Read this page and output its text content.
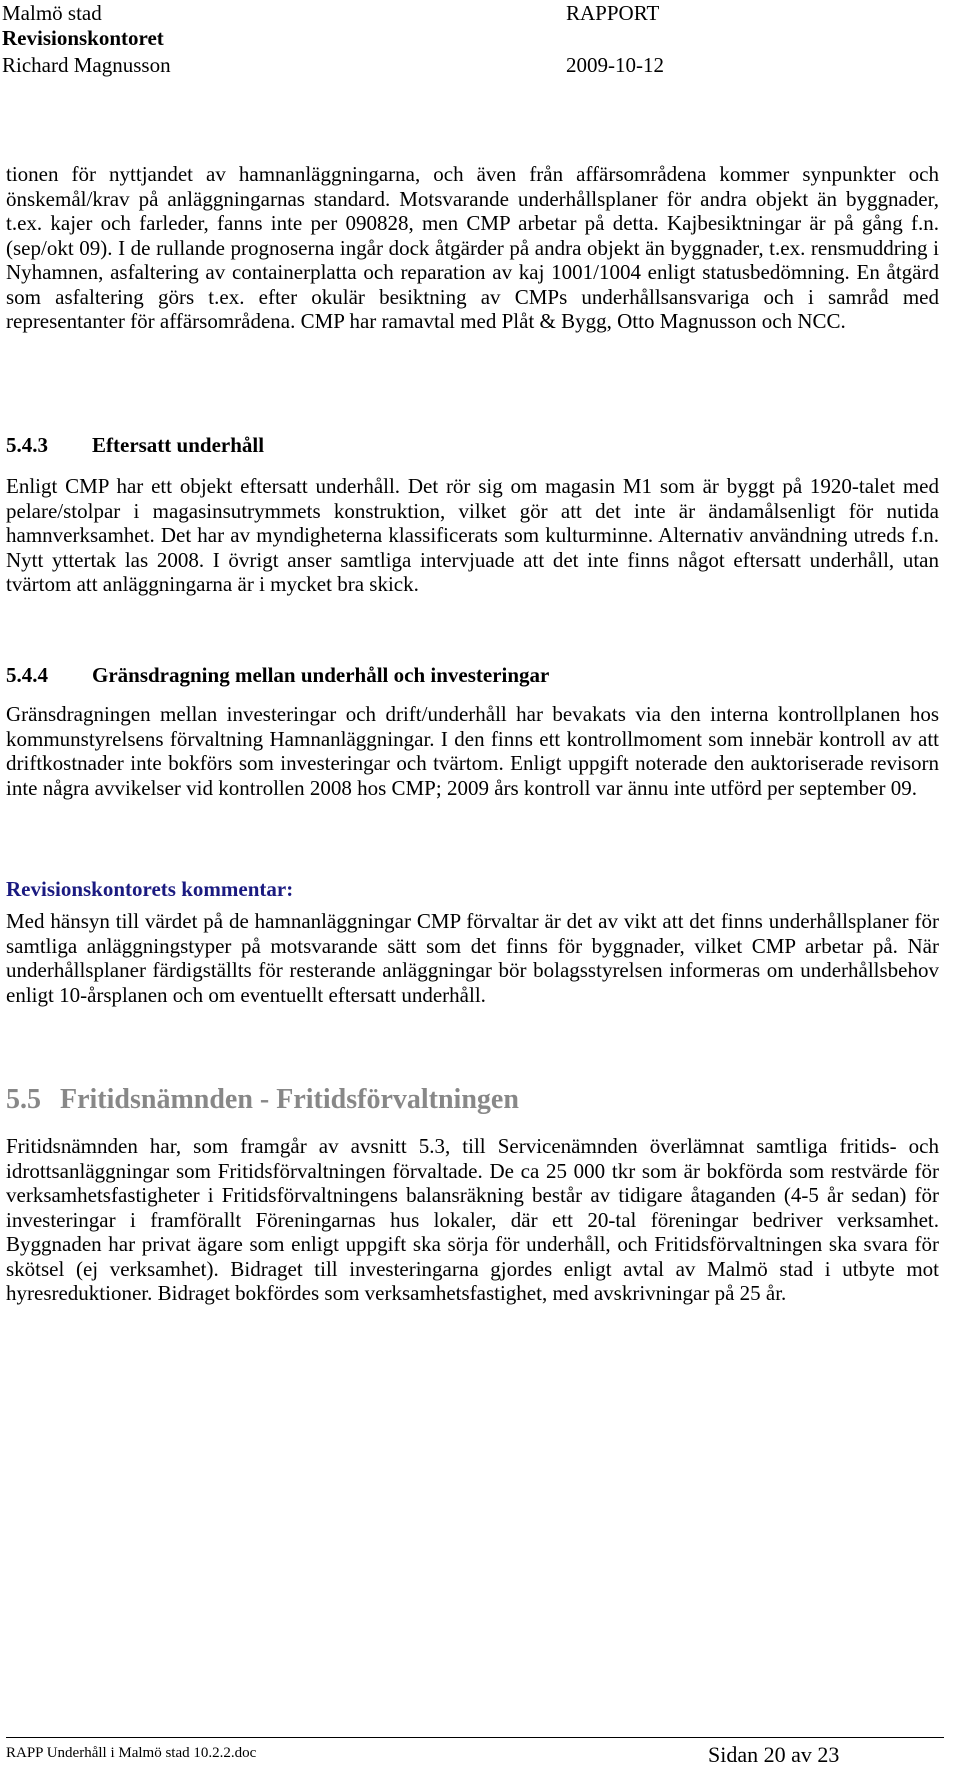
Malmö stad
Revisionskontoret
Richard Magnusson
RAPPORT
2009-10-12
tionen för nyttjandet av hamnanläggningarna, och även från affärsområdena kommer synpunkter och önskemål/krav på anläggningarnas standard. Motsvarande underhållsplaner för andra objekt än byggnader, t.ex. kajer och farleder, fanns inte per 090828, men CMP arbetar på detta. Kajbesiktningar är på gång f.n. (sep/okt 09). I de rullande prognoserna ingår dock åtgärder på andra objekt än byggnader, t.ex. rensmuddring i Nyhamnen, asfaltering av containerplatta och reparation av kaj 1001/1004 enligt statusbedömning. En åtgärd som asfaltering görs t.ex. efter okulär besiktning av CMPs underhållsansvariga och i samråd med representanter för affärsområdena. CMP har ramavtal med Plåt & Bygg, Otto Magnusson och NCC.
5.4.3 Eftersatt underhåll
Enligt CMP har ett objekt eftersatt underhåll. Det rör sig om magasin M1 som är byggt på 1920-talet med pelare/stolpar i magasinsutrymmets konstruktion, vilket gör att det inte är ändamålsenligt för nutida hamnverksamhet. Det har av myndigheterna klassificerats som kulturminne. Alternativ användning utreds f.n. Nytt yttertak las 2008. I övrigt anser samtliga intervjuade att det inte finns något eftersatt underhåll, utan tvärtom att anläggningarna är i mycket bra skick.
5.4.4 Gränsdragning mellan underhåll och investeringar
Gränsdragningen mellan investeringar och drift/underhåll har bevakats via den interna kontrollplanen hos kommunstyrelsens förvaltning Hamnanläggningar. I den finns ett kontrollmoment som innebär kontroll av att driftkostnader inte bokförs som investeringar och tvärtom. Enligt uppgift noterade den auktoriserade revisorn inte några avvikelser vid kontrollen 2008 hos CMP; 2009 års kontroll var ännu inte utförd per september 09.
Revisionskontorets kommentar:
Med hänsyn till värdet på de hamnanläggningar CMP förvaltar är det av vikt att det finns underhållsplaner för samtliga anläggningstyper på motsvarande sätt som det finns för byggnader, vilket CMP arbetar på. När underhållsplaner färdigställts för resterande anläggningar bör bolagsstyrelsen informeras om underhållsbehov enligt 10-årsplanen och om eventuellt eftersatt underhåll.
5.5 Fritidsnämnden - Fritidsförvaltningen
Fritidsnämnden har, som framgår av avsnitt 5.3, till Servicenämnden överlämnat samtliga fritids- och idrottsanläggningar som Fritidsförvaltningen förvaltade. De ca 25 000 tkr som är bokförda som restvärde för verksamhetsfastigheter i Fritidsförvaltningens balansräkning består av tidigare åtaganden (4-5 år sedan) för investeringar i framförallt Föreningarnas hus lokaler, där ett 20-tal föreningar bedriver verksamhet. Byggnaden har privat ägare som enligt uppgift ska sörja för underhåll, och Fritidsförvaltningen ska svara för skötsel (ej verksamhet). Bidraget till investeringarna gjordes enligt avtal av Malmö stad i utbyte mot hyresreduktioner. Bidraget bokfördes som verksamhetsfastighet, med avskrivningar på 25 år.
RAPP Underhåll i Malmö stad 10.2.2.doc	Sidan 20 av 23
